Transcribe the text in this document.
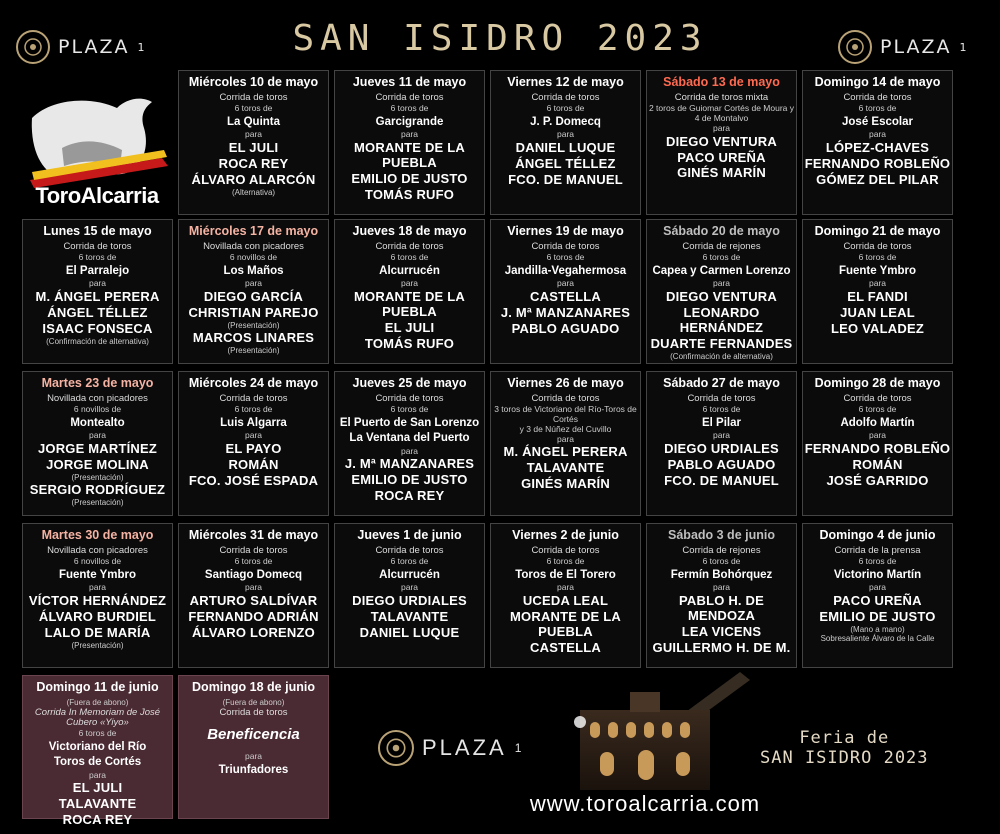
PLAZA 1	SAN ISIDRO 2023	PLAZA 1
ToroAlcarria
Miércoles 10 de mayo
Corrida de toros
6 toros de
La Quinta
para
EL JULI
ROCA REY
ÁLVARO ALARCÓN
(Alternativa)
Jueves 11 de mayo
Corrida de toros
6 toros de
Garcigrande
para
MORANTE DE LA PUEBLA
EMILIO DE JUSTO
TOMÁS RUFO
Viernes 12 de mayo
Corrida de toros
6 toros de
J. P. Domecq
para
DANIEL LUQUE
ÁNGEL TÉLLEZ
FCO. DE MANUEL
Sábado 13 de mayo
Corrida de toros mixta
2 toros de Guiomar Cortés de Moura y 4 de Montalvo
para
DIEGO VENTURA
PACO UREÑA
GINÉS MARÍN
Domingo 14 de mayo
Corrida de toros
6 toros de
José Escolar
para
LÓPEZ-CHAVES
FERNANDO ROBLEÑO
GÓMEZ DEL PILAR
Lunes 15 de mayo
Corrida de toros
6 toros de
El Parralejo
para
M. ÁNGEL PERERA
ÁNGEL TÉLLEZ
ISAAC FONSECA
(Confirmación de alternativa)
Miércoles 17 de mayo
Novillada con picadores
6 novillos de
Los Maños
para
DIEGO GARCÍA
CHRISTIAN PAREJO
(Presentación)
MARCOS LINARES
(Presentación)
Jueves 18 de mayo
Corrida de toros
6 toros de
Alcurrucén
para
MORANTE DE LA PUEBLA
EL JULI
TOMÁS RUFO
Viernes 19 de mayo
Corrida de toros
6 toros de
Jandilla-Vegahermosa
para
CASTELLA
J. Mª MANZANARES
PABLO AGUADO
Sábado 20 de mayo
Corrida de rejones
6 toros de
Capea y Carmen Lorenzo
para
DIEGO VENTURA
LEONARDO HERNÁNDEZ
DUARTE FERNANDES
(Confirmación de alternativa)
Domingo 21 de mayo
Corrida de toros
6 toros de
Fuente Ymbro
para
EL FANDI
JUAN LEAL
LEO VALADEZ
Martes 23 de mayo
Novillada con picadores
6 novillos de
Montealto
para
JORGE MARTÍNEZ
JORGE MOLINA
(Presentación)
SERGIO RODRÍGUEZ
(Presentación)
Miércoles 24 de mayo
Corrida de toros
6 toros de
Luis Algarra
para
EL PAYO
ROMÁN
FCO. JOSÉ ESPADA
Jueves 25 de mayo
Corrida de toros
6 toros de
El Puerto de San Lorenzo
La Ventana del Puerto
para
J. Mª MANZANARES
EMILIO DE JUSTO
ROCA REY
Viernes 26 de mayo
Corrida de toros
3 toros de Victoriano del Río-Toros de Cortés
y 3 de Núñez del Cuvillo
para
M. ÁNGEL PERERA
TALAVANTE
GINÉS MARÍN
Sábado 27 de mayo
Corrida de toros
6 toros de
El Pilar
para
DIEGO URDIALES
PABLO AGUADO
FCO. DE MANUEL
Domingo 28 de mayo
Corrida de toros
6 toros de
Adolfo Martín
para
FERNANDO ROBLEÑO
ROMÁN
JOSÉ GARRIDO
Martes 30 de mayo
Novillada con picadores
6 novillos de
Fuente Ymbro
para
VÍCTOR HERNÁNDEZ
ÁLVARO BURDIEL
LALO DE MARÍA
(Presentación)
Miércoles 31 de mayo
Corrida de toros
6 toros de
Santiago Domecq
para
ARTURO SALDÍVAR
FERNANDO ADRIÁN
ÁLVARO LORENZO
Jueves 1 de junio
Corrida de toros
6 toros de
Alcurrucén
para
DIEGO URDIALES
TALAVANTE
DANIEL LUQUE
Viernes 2 de junio
Corrida de toros
6 toros de
Toros de El Torero
para
UCEDA LEAL
MORANTE DE LA PUEBLA
CASTELLA
Sábado 3 de junio
Corrida de rejones
6 toros de
Fermín Bohórquez
para
PABLO H. DE MENDOZA
LEA VICENS
GUILLERMO H. DE M.
Domingo 4 de junio
Corrida de la prensa
6 toros de
Victorino Martín
para
PACO UREÑA
EMILIO DE JUSTO
(Mano a mano)
Sobresaliente Álvaro de la Calle
Domingo 11 de junio
(Fuera de abono)
Corrida In Memoriam de José Cubero «Yiyo»
6 toros de
Victoriano del Río
Toros de Cortés
para
EL JULI
TALAVANTE
ROCA REY
Domingo 18 de junio
(Fuera de abono)
Corrida de toros
Beneficencia
para
Triunfadores
PLAZA 1	Feria de
SAN ISIDRO 2023
www.toroalcarria.com
